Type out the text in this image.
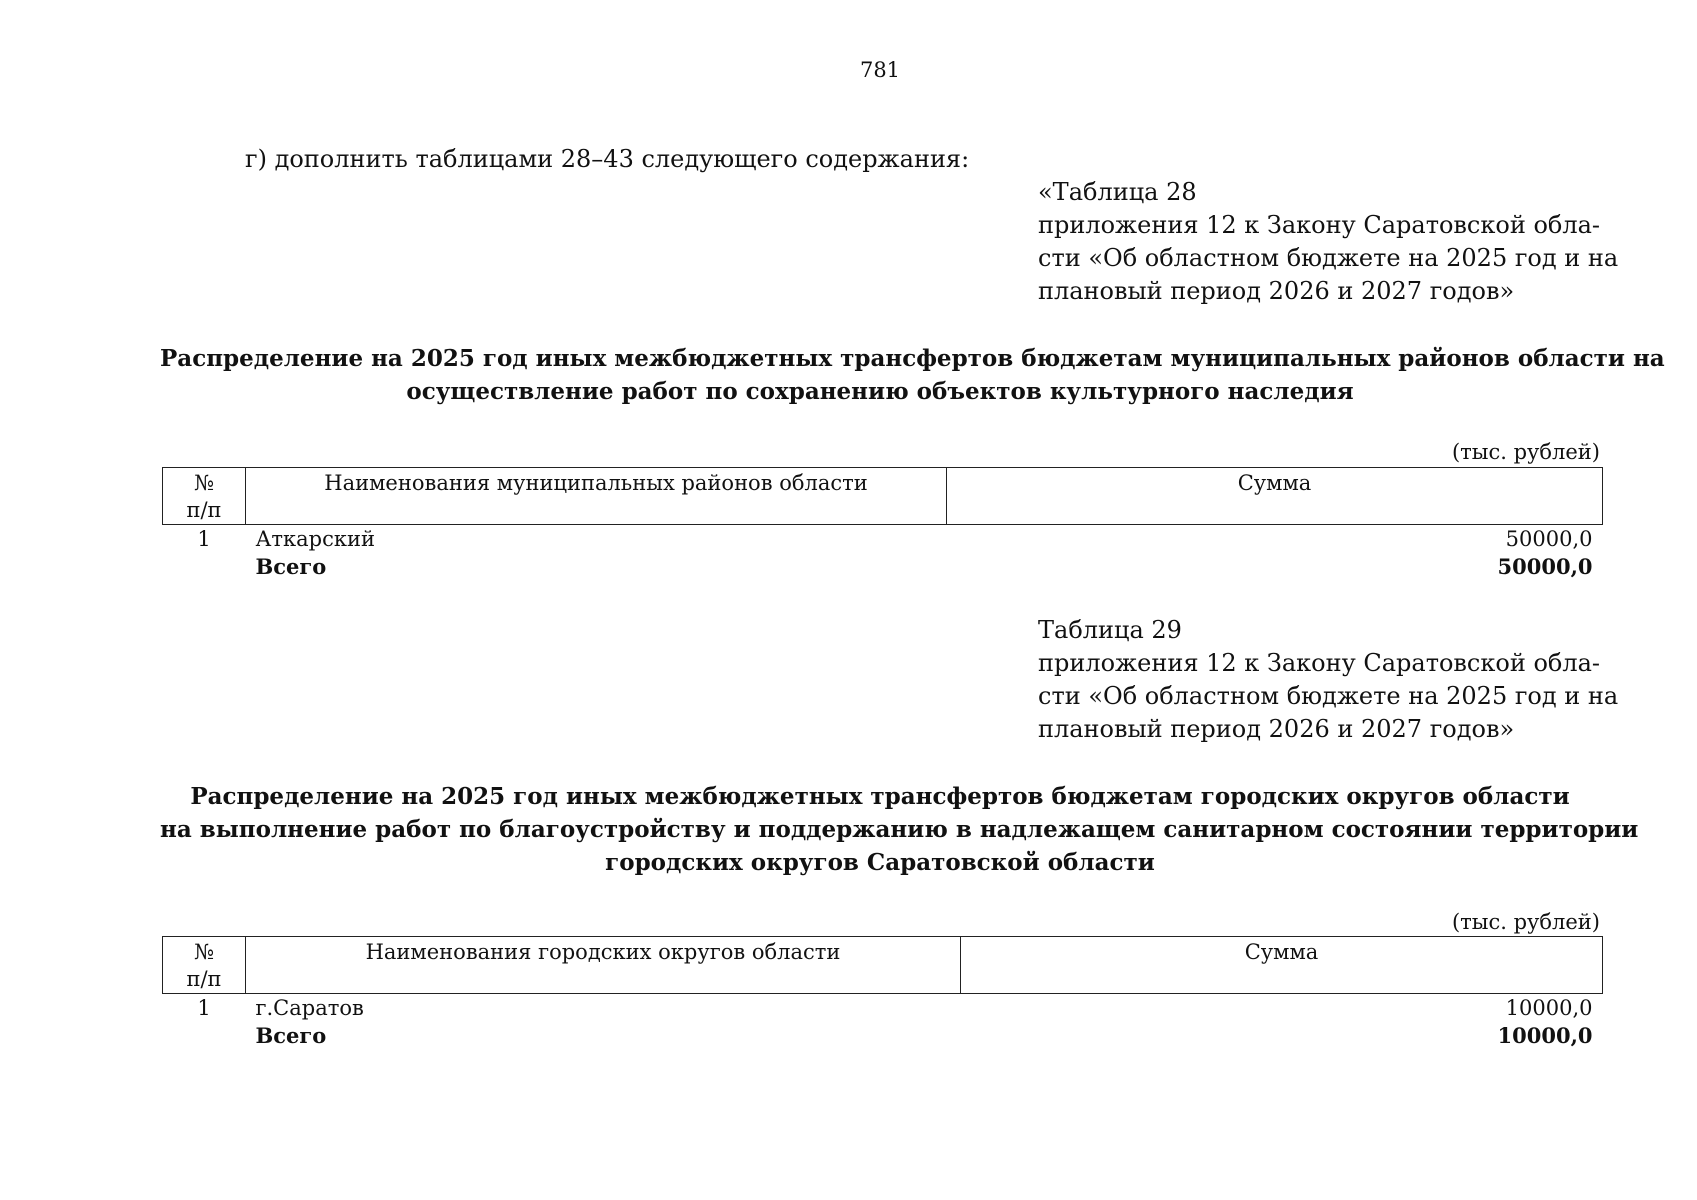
781
г) дополнить таблицами 28–43 следующего содержания:
«Таблица 28
приложения 12 к Закону Саратовской обла-
сти «Об областном бюджете на 2025 год и на
плановый период 2026 и 2027 годов»
Распределение на 2025 год иных межбюджетных трансфертов бюджетам муниципальных районов области на
осуществление работ по сохранению объектов культурного наследия
(тыс. рублей)
№
п/п	Наименования муниципальных районов области	Сумма
1	Аткарский	50000,0
	Всего	50000,0
Таблица 29
приложения 12 к Закону Саратовской обла-
сти «Об областном бюджете на 2025 год и на
плановый период 2026 и 2027 годов»
Распределение на 2025 год иных межбюджетных трансфертов бюджетам городских округов области
на выполнение работ по благоустройству и поддержанию в надлежащем санитарном состоянии территории
городских округов Саратовской области
(тыс. рублей)
№
п/п	Наименования городских округов области	Сумма
1	г.Саратов	10000,0
	Всего	10000,0
